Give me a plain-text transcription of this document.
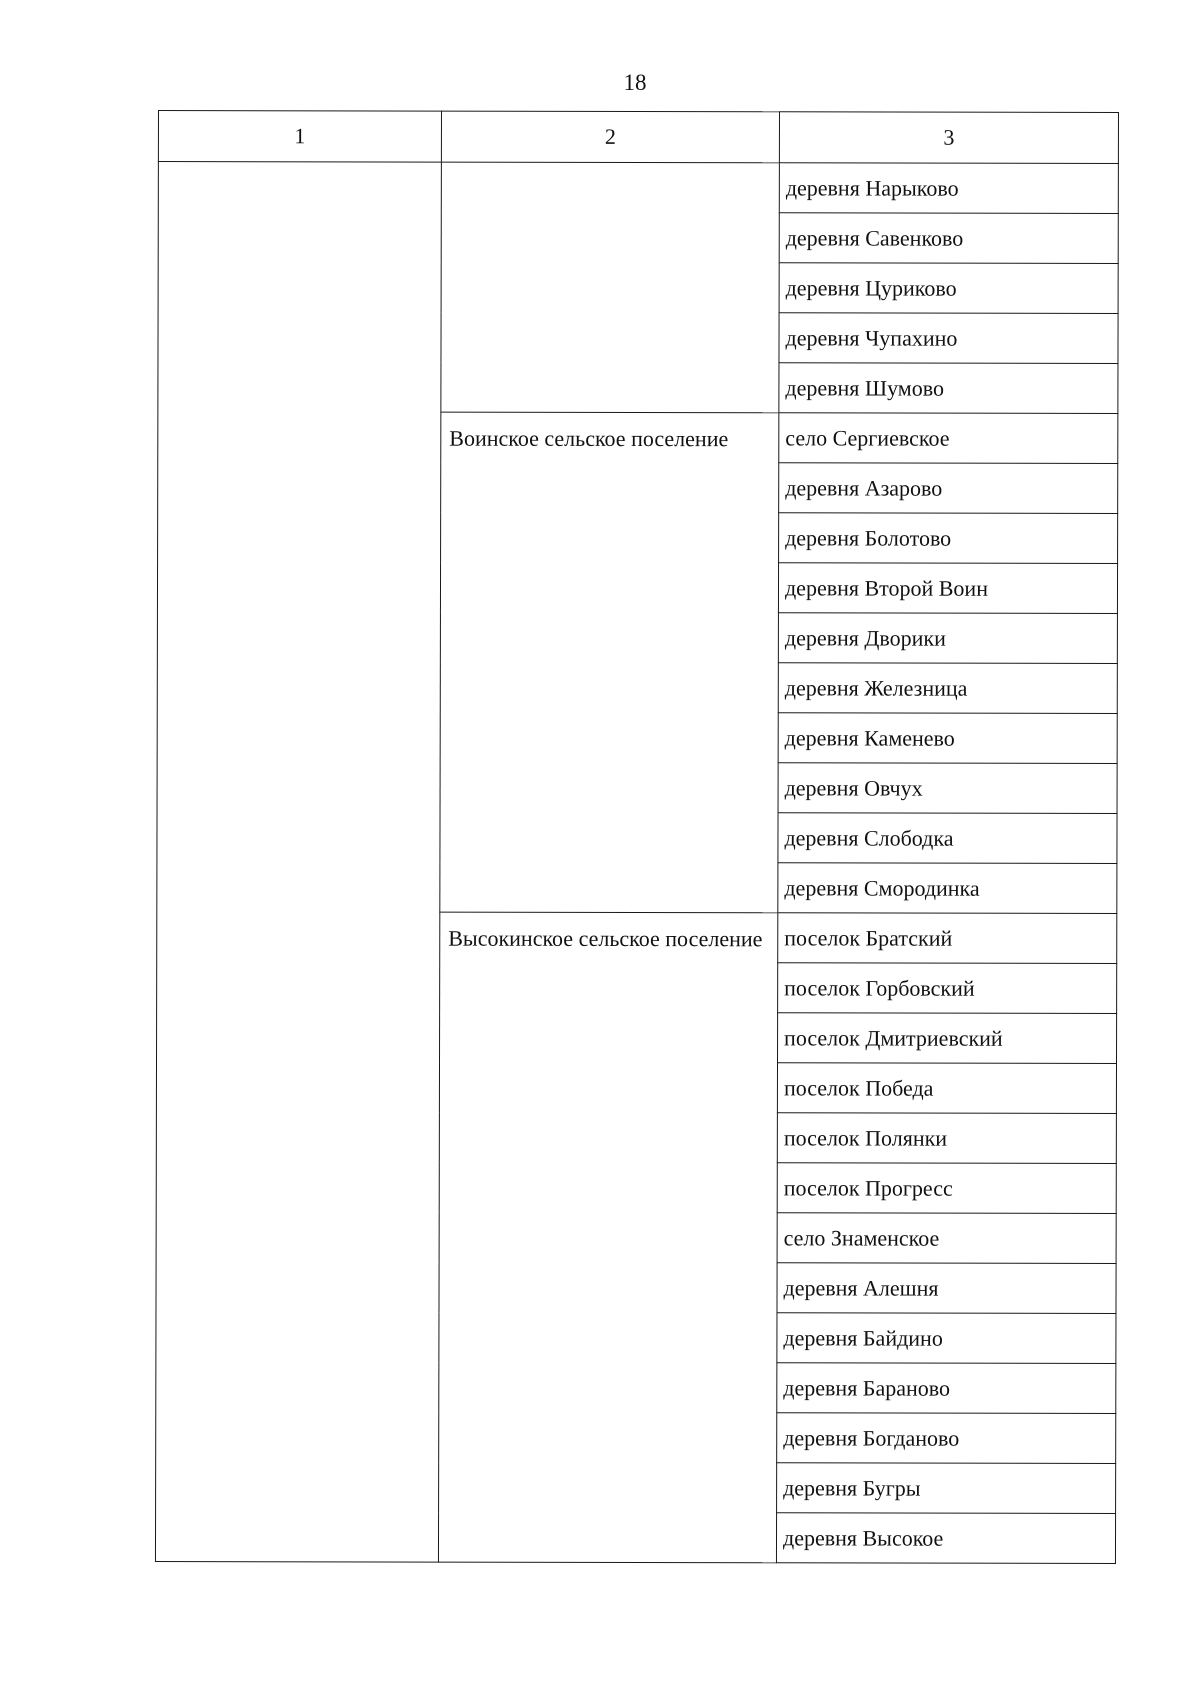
18
1	2	3
		деревня Нарыково
		деревня Савенково
		деревня Цуриково
		деревня Чупахино
		деревня Шумово
	Воинское сельское поселение	село Сергиевское
		деревня Азарово
		деревня Болотово
		деревня Второй Воин
		деревня Дворики
		деревня Железница
		деревня Каменево
		деревня Овчух
		деревня Слободка
		деревня Смородинка
	Высокинское сельское поселение	поселок Братский
		поселок Горбовский
		поселок Дмитриевский
		поселок Победа
		поселок Полянки
		поселок Прогресс
		село Знаменское
		деревня Алешня
		деревня Байдино
		деревня Бараново
		деревня Богданово
		деревня Бугры
		деревня Высокое
